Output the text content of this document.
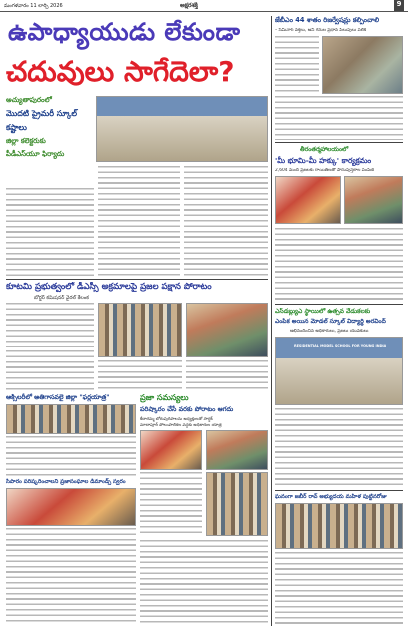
మంగళవారం 11 లార్చి 2026	అక్షరశక్తి	9
ఉపాధ్యాయుడు లేకుండా
చదువులు సాగేదెలా?
అచ్యుతాపురంలో
మొదటి ప్రైమరీ స్కూల్
కష్టాలు
జిల్లా కలెక్టరుకు
పీడీఎస్‌యూ ఫిర్యాదు
కూటమి ప్రభుత్వంలో డీఎస్సీ అక్రమాలపై ప్రజల పక్షాన పోరాటం
బోర్డర్ కమిషనర్ వైరల్ కేలంక
ఆక్సిలరీలో అతిగాసవలై జిల్లా "ఫర్లయాత్ర"
సిపారం పరిష్కరించాలని ప్రజాసంఘాల డిమాండ్స్ స్వరం
ప్రజా సమస్యలు
పరిష్కారం చేసే వరకు పోరాటం ఆగదు
కేదారమ్మ బోరుపురిపాలను అధ్యక్షులతో సార్థక్
మాదాపూర్ పోలంపాలికల వద్దకు అధికారుల యాత్ర
జేబీఎం 44 శాతం రిజర్వేషన్లు కల్పించాలి
– సెమినార్ వక్తలు, అని గనుల ప్రధాన పిలుపులు పలికి
తీరంతర్మహాలయంలో
'మీ భూమి-మీ హక్కు' కార్యక్రమం
2,604 మంది ప్రజలకు రాయితీలతో పాసుపుస్తకాల పంపిణీ
ఎస్‌డబ్ల్యుఎ స్థాయిలో ఉత్సవ వేడుకలకు
ఎంపిక అయిన మోడల్ స్కూల్ విద్యార్థి అరవింద్
అభినందించిన అధికారులు, ప్రజలు యువకులు
RESIDENTIAL MODEL SCHOOL FOR YOUNG INDIA
ఘనంగా జబీర్ రావ్ అభ్యుదయ మహిళ పుట్టినరోజు
